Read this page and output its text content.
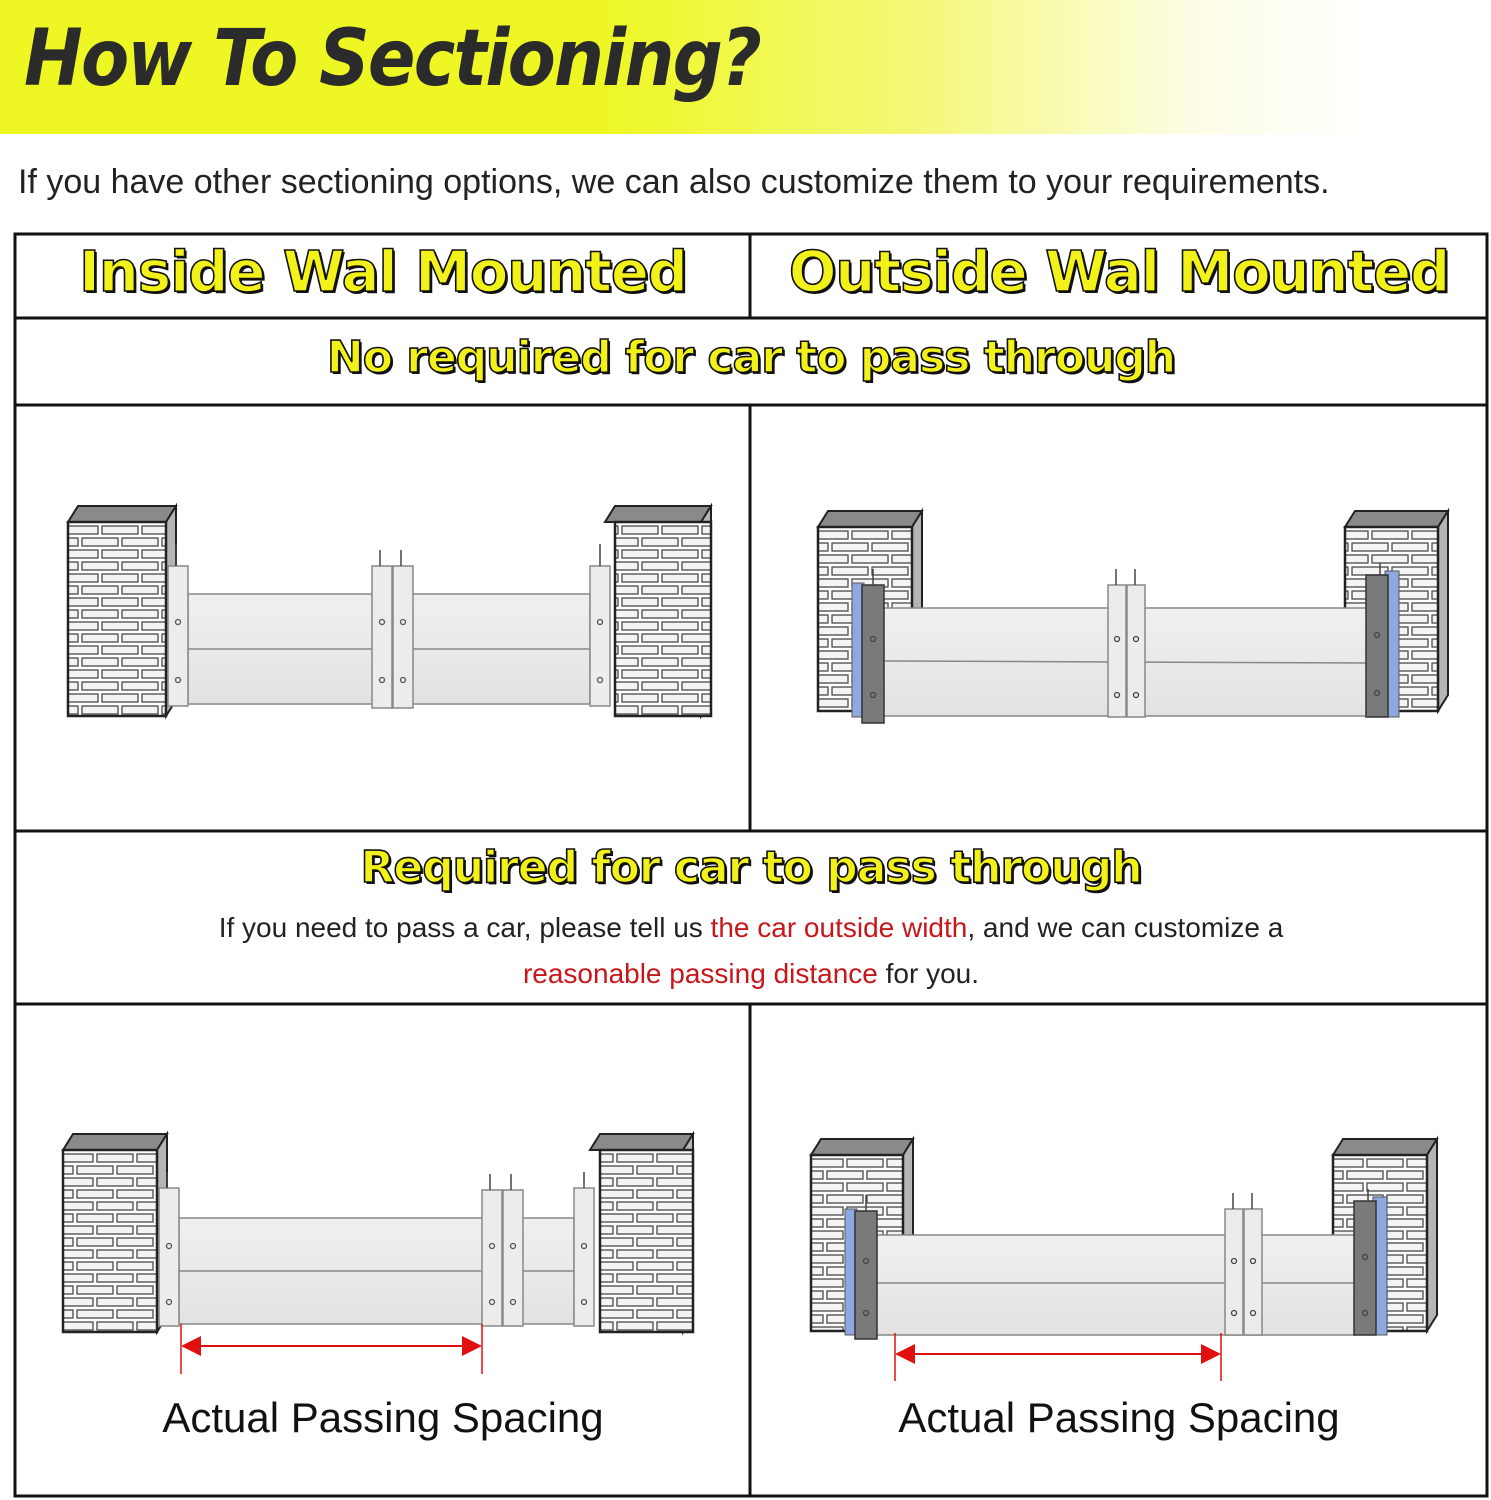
How To Sectioning?

If you have other sectioning options, we can also customize them to your requirements.

Inside Wal Mounted	Outside Wal Mounted
No required for car to pass through
Required for car to pass through
If you need to pass a car, please tell us the car outside width, and we can customize a
reasonable passing distance for you.
Actual Passing Spacing	Actual Passing Spacing
